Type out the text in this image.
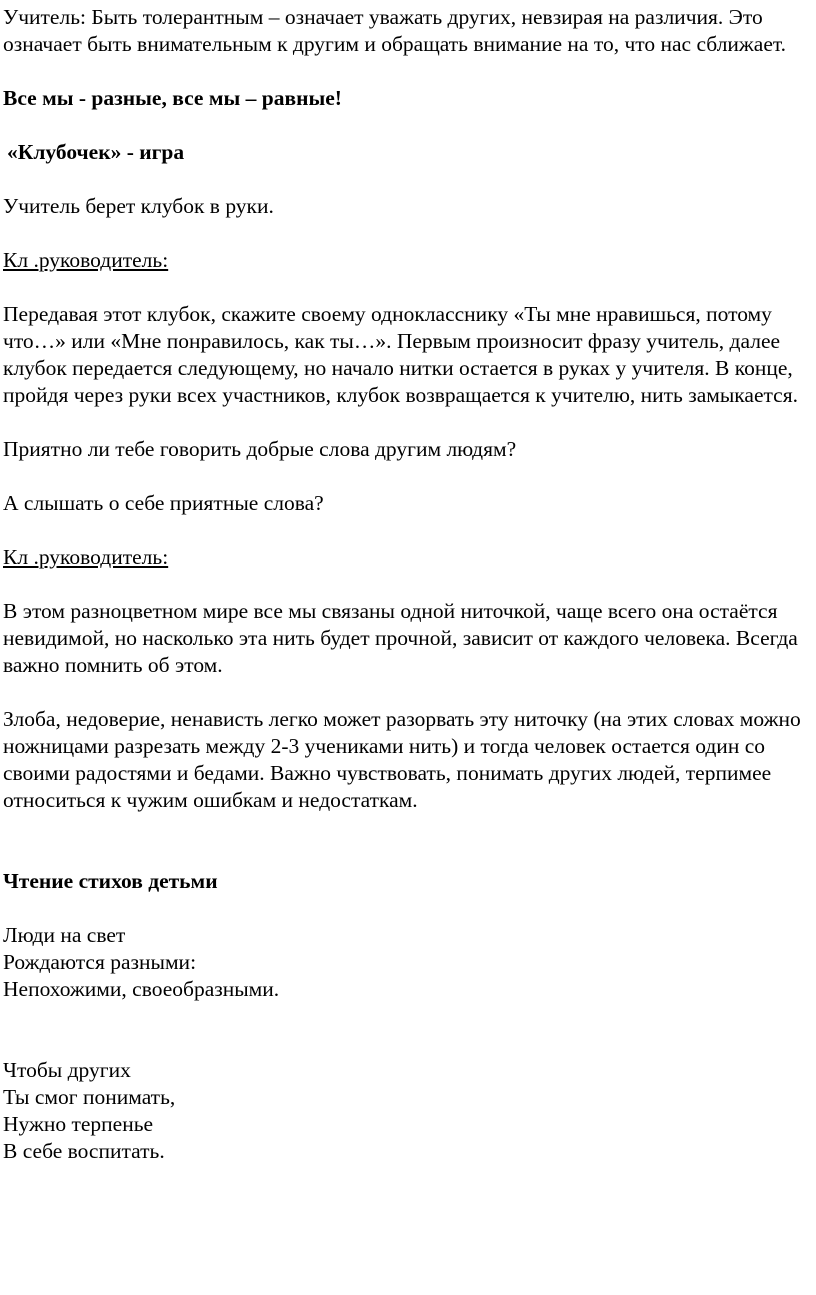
Учитель: Быть толерантным – означает уважать других, невзирая на различия. Это означает быть внимательным к другим и обращать внимание на то, что нас сближает.

Все мы - разные, все мы – равные!

«Клубочек» - игра

Учитель берет клубок в руки.

Кл .руководитель:

Передавая этот клубок, скажите своему однокласснику «Ты мне нравишься, потому что…» или «Мне понравилось, как ты…». Первым произносит фразу учитель, далее клубок передается следующему, но начало нитки остается в руках у учителя. В конце, пройдя через руки всех участников, клубок возвращается к учителю, нить замыкается.

Приятно ли тебе говорить добрые слова другим людям?

А слышать о себе приятные слова?

Кл .руководитель:

В этом разноцветном мире все мы связаны одной ниточкой, чаще всего она остаётся невидимой, но насколько эта нить будет прочной, зависит от каждого человека. Всегда важно помнить об этом.

Злоба, недоверие, ненависть легко может разорвать эту ниточку (на этих словах можно ножницами разрезать между 2-3 учениками нить) и тогда человек остается один со своими радостями и бедами. Важно чувствовать, понимать других людей, терпимее относиться к чужим ошибкам и недостаткам.

Чтение стихов детьми

Люди на свет
Рождаются разными:
Непохожими, своеобразными.
Чтобы других
Ты смог понимать,
Нужно терпенье
В себе воспитать.
